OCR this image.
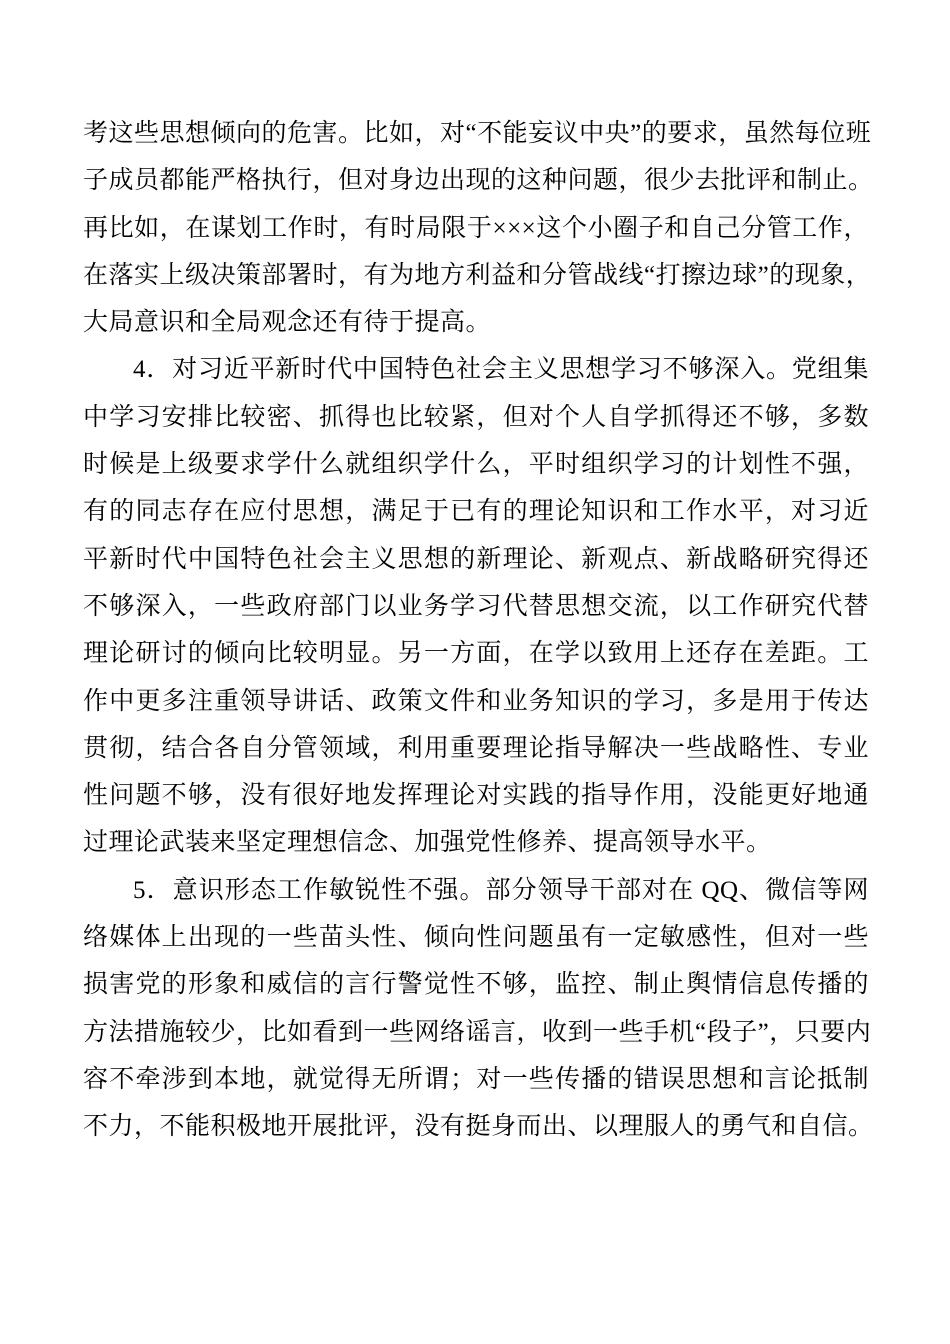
考这些思想倾向的危害。比如，对“不能妄议中央”的要求，虽然每位班
子成员都能严格执行，但对身边出现的这种问题，很少去批评和制止。
再比如，在谋划工作时，有时局限于×××这个小圈子和自己分管工作，
在落实上级决策部署时，有为地方利益和分管战线“打擦边球”的现象，
大局意识和全局观念还有待于提高。
4．对习近平新时代中国特色社会主义思想学习不够深入。党组集
中学习安排比较密、抓得也比较紧，但对个人自学抓得还不够，多数
时候是上级要求学什么就组织学什么，平时组织学习的计划性不强，
有的同志存在应付思想，满足于已有的理论知识和工作水平，对习近
平新时代中国特色社会主义思想的新理论、新观点、新战略研究得还
不够深入，一些政府部门以业务学习代替思想交流，以工作研究代替
理论研讨的倾向比较明显。另一方面，在学以致用上还存在差距。工
作中更多注重领导讲话、政策文件和业务知识的学习，多是用于传达
贯彻，结合各自分管领域，利用重要理论指导解决一些战略性、专业
性问题不够，没有很好地发挥理论对实践的指导作用，没能更好地通
过理论武装来坚定理想信念、加强党性修养、提高领导水平。
5．意识形态工作敏锐性不强。部分领导干部对在 QQ、微信等网
络媒体上出现的一些苗头性、倾向性问题虽有一定敏感性，但对一些
损害党的形象和威信的言行警觉性不够，监控、制止舆情信息传播的
方法措施较少，比如看到一些网络谣言，收到一些手机“段子”，只要内
容不牵涉到本地，就觉得无所谓；对一些传播的错误思想和言论抵制
不力，不能积极地开展批评，没有挺身而出、以理服人的勇气和自信。
